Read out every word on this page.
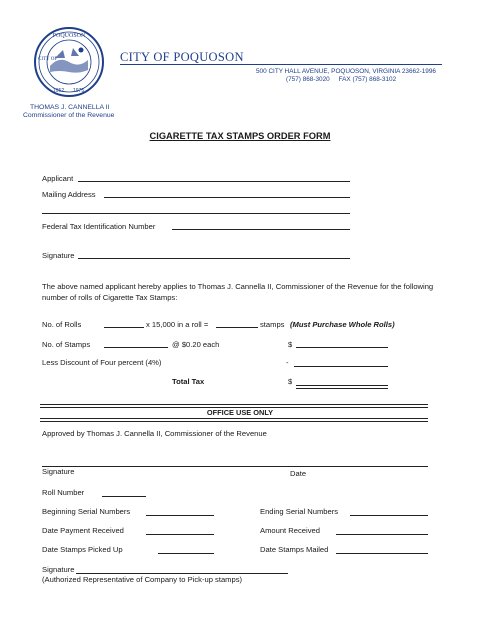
POQUOSON
CITY OF
1952 1975
CITY OF POQUOSON
500 CITY HALL AVENUE, POQUOSON, VIRGINIA 23662-1996
(757) 868-3020 FAX (757) 868-3102
THOMAS J. CANNELLA II
Commissioner of the Revenue
CIGARETTE TAX STAMPS ORDER FORM
Applicant
Mailing Address
Federal Tax Identification Number
Signature
The above named applicant hereby applies to Thomas J. Cannella II, Commissioner of the Revenue for the following number of rolls of Cigarette Tax Stamps:
No. of Rolls	x 15,000 in a roll =	stamps (Must Purchase Whole Rolls)
No. of Stamps	@ $0.20 each	$
Less Discount of Four percent (4%)	-
Total Tax	$
OFFICE USE ONLY
Approved by Thomas J. Cannella II, Commissioner of the Revenue
Signature	Date
Roll Number
Beginning Serial Numbers	Ending Serial Numbers
Date Payment Received	Amount Received
Date Stamps Picked Up	Date Stamps Mailed
Signature
(Authorized Representative of Company to Pick-up stamps)
